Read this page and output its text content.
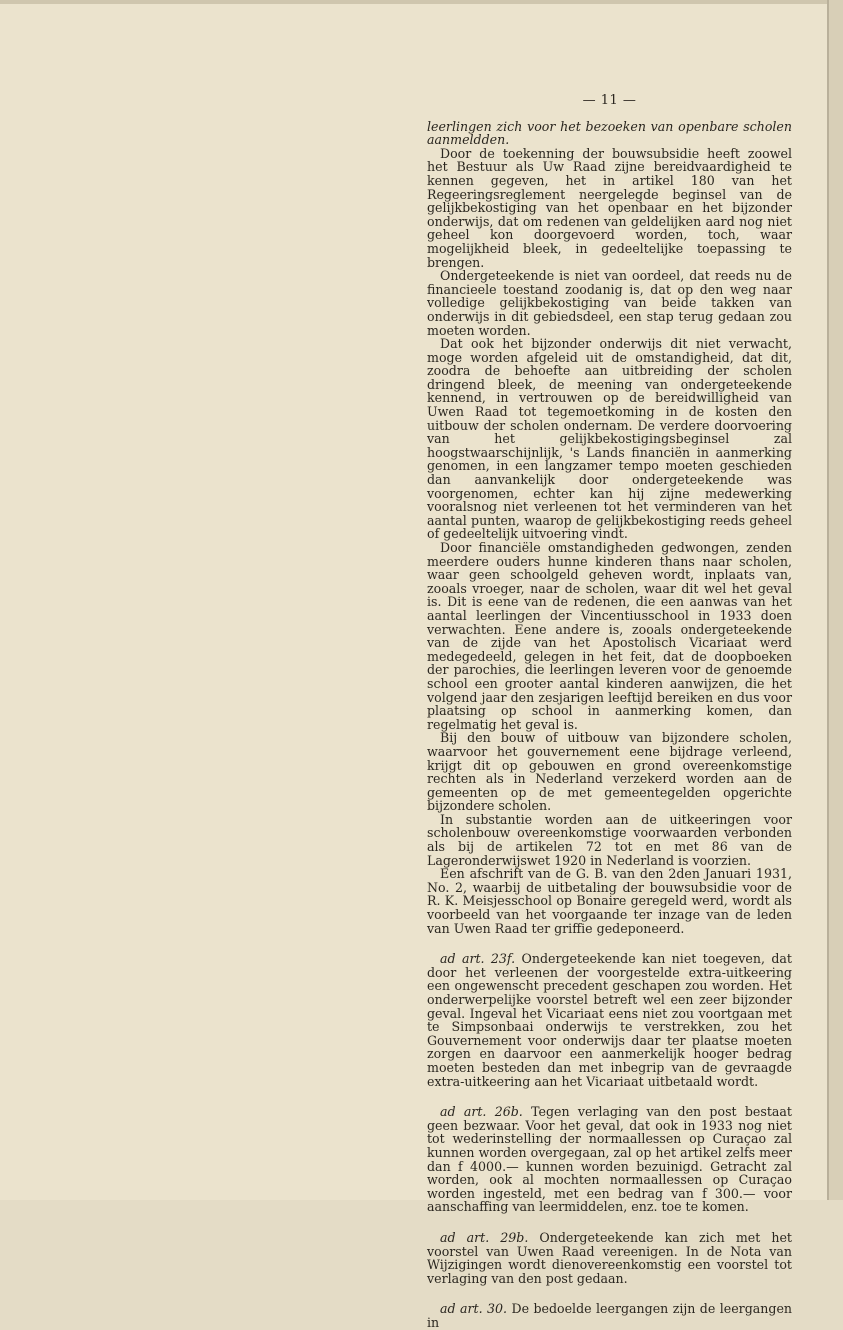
— 11 —

leerlingen zich voor het bezoeken van openbare scholen aanmeldden.

Door de toekenning der bouwsubsidie heeft zoowel het Bestuur als Uw Raad zijne bereidvaardigheid te kennen gegeven, het in artikel 180 van het Regeeringsreglement neergelegde beginsel van de gelijkbekostiging van het openbaar en het bijzonder onderwijs, dat om redenen van geldelijken aard nog niet geheel kon doorgevoerd worden, toch, waar mogelijkheid bleek, in gedeeltelijke toepassing te brengen.

Ondergeteekende is niet van oordeel, dat reeds nu de financieele toestand zoodanig is, dat op den weg naar volledige gelijkbekostiging van beide takken van onderwijs in dit gebiedsdeel, een stap terug gedaan zou moeten worden.

Dat ook het bijzonder onderwijs dit niet verwacht, moge worden afgeleid uit de omstandigheid, dat dit, zoodra de behoefte aan uitbreiding der scholen dringend bleek, de meening van ondergeteekende kennend, in vertrouwen op de bereidwilligheid van Uwen Raad tot tegemoetkoming in de kosten den uitbouw der scholen ondernam. De verdere doorvoering van het gelijkbekostigingsbeginsel zal hoogstwaarschijnlijk, 's Lands financiën in aanmerking genomen, in een langzamer tempo moeten geschieden dan aanvankelijk door ondergeteekende was voorgenomen, echter kan hij zijne medewerking vooralsnog niet verleenen tot het verminderen van het aantal punten, waarop de gelijkbekostiging reeds geheel of gedeeltelijk uitvoering vindt.

Door financiële omstandigheden gedwongen, zenden meerdere ouders hunne kinderen thans naar scholen, waar geen schoolgeld geheven wordt, inplaats van, zooals vroeger, naar de scholen, waar dit wel het geval is. Dit is eene van de redenen, die een aanwas van het aantal leerlingen der Vincentiusschool in 1933 doen verwachten. Eene andere is, zooals ondergeteekende van de zijde van het Apostolisch Vicariaat werd medegedeeld, gelegen in het feit, dat de doopboeken der parochies, die leerlingen leveren voor de genoemde school een grooter aantal kinderen aanwijzen, die het volgend jaar den zesjarigen leeftijd bereiken en dus voor plaatsing op school in aanmerking komen, dan regelmatig het geval is.

Bij den bouw of uitbouw van bijzondere scholen, waarvoor het gouvernement eene bijdrage verleend, krijgt dit op gebouwen en grond overeenkomstige rechten als in Nederland verzekerd worden aan de gemeenten op de met gemeentegelden opgerichte bijzondere scholen.

In substantie worden aan de uitkeeringen voor scholenbouw overeenkomstige voorwaarden verbonden als bij de artikelen 72 tot en met 86 van de Lageronderwijswet 1920 in Nederland is voorzien.

Een afschrift van de G. B. van den 2den Januari 1931, No. 2, waarbij de uitbetaling der bouwsubsidie voor de R. K. Meisjesschool op Bonaire geregeld werd, wordt als voorbeeld van het voorgaande ter inzage van de leden van Uwen Raad ter griffie gedeponeerd.

ad art. 23f. Ondergeteekende kan niet toegeven, dat door het verleenen der voorgestelde extra-uitkeering een ongewenscht precedent geschapen zou worden. Het onderwerpelijke voorstel betreft wel een zeer bijzonder geval. Ingeval het Vicariaat eens niet zou voortgaan met te Simpsonbaai onderwijs te verstrekken, zou het Gouvernement voor onderwijs daar ter plaatse moeten zorgen en daarvoor een aanmerkelijk hooger bedrag moeten besteden dan met inbegrip van de gevraagde extra-uitkeering aan het Vicariaat uitbetaald wordt.

ad art. 26b. Tegen verlaging van den post bestaat geen bezwaar. Voor het geval, dat ook in 1933 nog niet tot wederinstelling der normaallessen op Curaçao zal kunnen worden overgegaan, zal op het artikel zelfs meer dan f 4000.— kunnen worden bezuinigd. Getracht zal worden, ook al mochten normaallessen op Curaçao worden ingesteld, met een bedrag van f 300.— voor aanschaffing van leermiddelen, enz. toe te komen.

ad art. 29b. Ondergeteekende kan zich met het voorstel van Uwen Raad vereenigen. In de Nota van Wijzigingen wordt dienovereenkomstig een voorstel tot verlaging van den post gedaan.

ad art. 30. De bedoelde leergangen zijn de leergangen in
